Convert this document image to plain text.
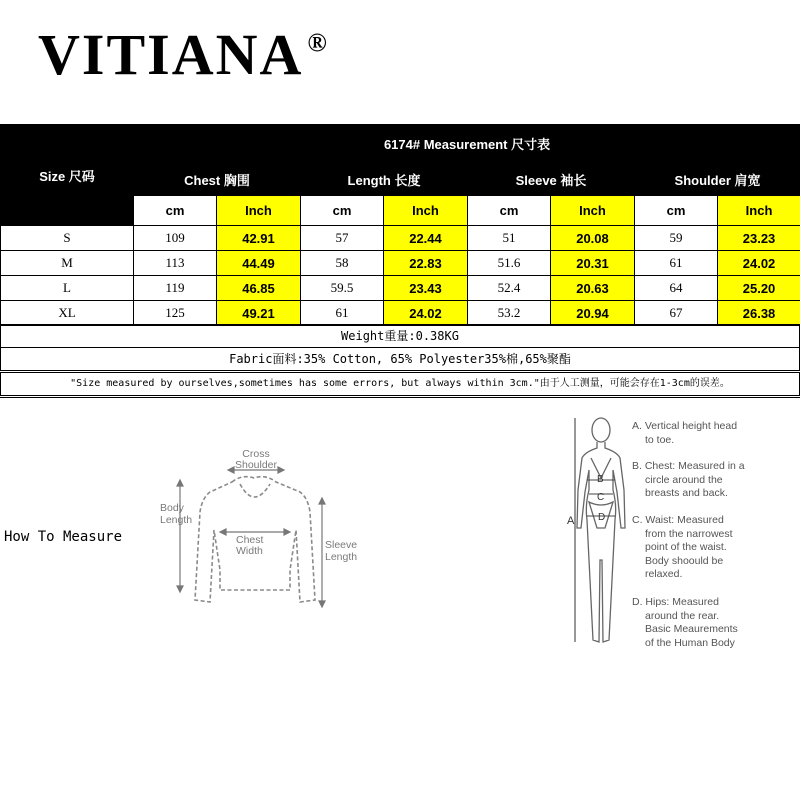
VITIANA ®
Size 尺码	6174# Measurement 尺寸表							
	Chest 胸围		Length 长度		Sleeve 袖长		Shoulder 肩宽	
	cm	Inch	cm	Inch	cm	Inch	cm	Inch
S	109	42.91	57	22.44	51	20.08	59	23.23
M	113	44.49	58	22.83	51.6	20.31	61	24.02
L	119	46.85	59.5	23.43	52.4	20.63	64	25.20
XL	125	49.21	61	24.02	53.2	20.94	67	26.38
Weight重量:0.38KG
Fabric面料:35% Cotton, 65% Polyester35%棉,65%聚酯
"Size measured by ourselves,sometimes has some errors, but always within 3cm."由于人工测量，可能会存在1-3cm的误差。
How To Measure
Cross
Shoulder
Body
Length
Chest
Width	Sleeve
Length
A
B
C
D
A. Vertical height head
to toe.
B. Chest: Measured in a
circle around the
breasts and back.
C. Waist: Measured
from the narrowest
point of the waist.
Body shoould be
relaxed.
D. Hips: Measured
around the rear.
Basic Meaurements
of the Human Body
